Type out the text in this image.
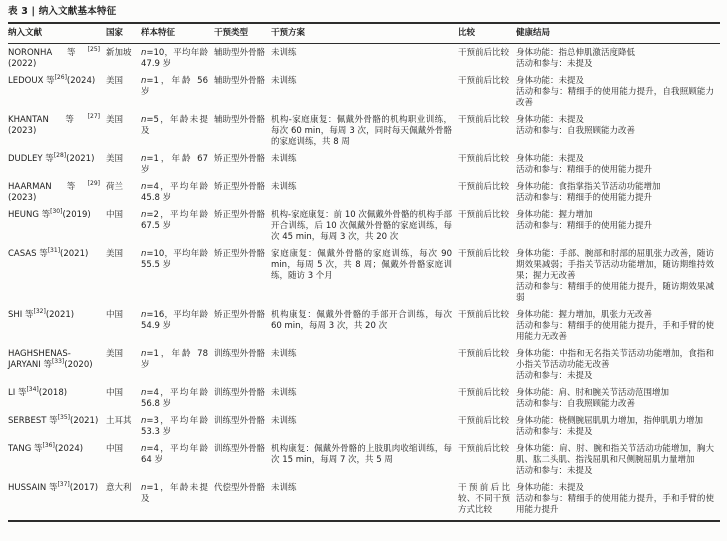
表 3 | 纳入文献基本特征
纳入文献	国家	样本特征	干预类型	干预方案	比较	健康结局
NORONHA 等[25](2022)	新加坡	n=10，平均年龄 47.9 岁	辅助型外骨骼	未训练	干预前后比较	身体功能：指总伸肌激活度降低
活动和参与：未提及

LEDOUX 等[26](2024)	美国	n=1，年龄 56 岁	辅助型外骨骼	未训练	干预前后比较	身体功能：未提及
活动和参与：精细手的使用能力提升，自我照顾能力改善

KHANTAN 等[27](2023)	美国	n=5，年龄未提及	辅助型外骨骼	机构-家庭康复：佩戴外骨骼的机构职业训练，每次 60 min，每周 3 次，同时每天佩戴外骨骼的家庭训练，共 8 周	干预前后比较	身体功能：未提及
活动和参与：自我照顾能力改善

DUDLEY 等[28](2021)	美国	n=1，年龄 67 岁	矫正型外骨骼	未训练	干预前后比较	身体功能：未提及
活动和参与：精细手的使用能力提升

HAARMAN 等[29](2023)	荷兰	n=4，平均年龄 45.8 岁	矫正型外骨骼	未训练	干预前后比较	身体功能：食指掌指关节活动功能增加
活动和参与：精细手的使用能力提升

HEUNG 等[30](2019)	中国	n=2，平均年龄 67.5 岁	矫正型外骨骼	机构-家庭康复：前 10 次佩戴外骨骼的机构手部开合训练，后 10 次佩戴外骨骼的家庭训练，每次 45 min，每周 3 次，共 20 次	干预前后比较	身体功能：握力增加
活动和参与：精细手的使用能力提升

CASAS 等[31](2021)	美国	n=10，平均年龄 55.5 岁	矫正型外骨骼	家庭康复：佩戴外骨骼的家庭训练，每次 90 min，每周 5 次，共 8 周；佩戴外骨骼家庭训练，随访 3 个月	干预前后比较	身体功能：手部、腕部和肘部的屈肌张力改善，随访期效果减弱；手指关节活动功能增加，随访期维持效果；握力无改善
活动和参与：精细手的使用能力提升，随访期效果减弱

SHI 等[32](2021)	中国	n=16，平均年龄 54.9 岁	矫正型外骨骼	机构康复：佩戴外骨骼的手部开合训练，每次 60 min，每周 3 次，共 20 次	干预前后比较	身体功能：握力增加，肌张力无改善
活动和参与：精细手的使用能力提升，手和手臂的使用能力无改善

HAGHSHENAS-JARYANI 等[33](2020)	美国	n=1，年龄 78 岁	训练型外骨骼	未训练	干预前后比较	身体功能：中指和无名指关节活动功能增加，食指和小指关节活动功能无改善
活动和参与：未提及

LI 等[34](2018)	中国	n=4，平均年龄 56.8 岁	训练型外骨骼	未训练	干预前后比较	身体功能：肩、肘和腕关节活动范围增加
活动和参与：自我照顾能力改善

SERBEST 等[35](2021)	土耳其	n=3，平均年龄 53.3 岁	训练型外骨骼	未训练	干预前后比较	身体功能：桡侧腕屈肌肌力增加，指伸肌肌力增加
活动和参与：未提及

TANG 等[36](2024)	中国	n=4，平均年龄 64 岁	训练型外骨骼	机构康复：佩戴外骨骼的上肢肌肉收缩训练，每次 15 min，每周 7 次，共 5 周	干预前后比较	身体功能：肩、肘、腕和指关节活动功能增加，胸大肌、肱二头肌、指浅屈肌和尺侧腕屈肌力量增加
活动和参与：未提及

HUSSAIN 等[37](2017)	意大利	n=1，年龄未提及	代偿型外骨骼	未训练	干预前后比较、不同干预方式比较	身体功能：未提及
活动和参与：精细手的使用能力提升，手和手臂的使用能力提升
